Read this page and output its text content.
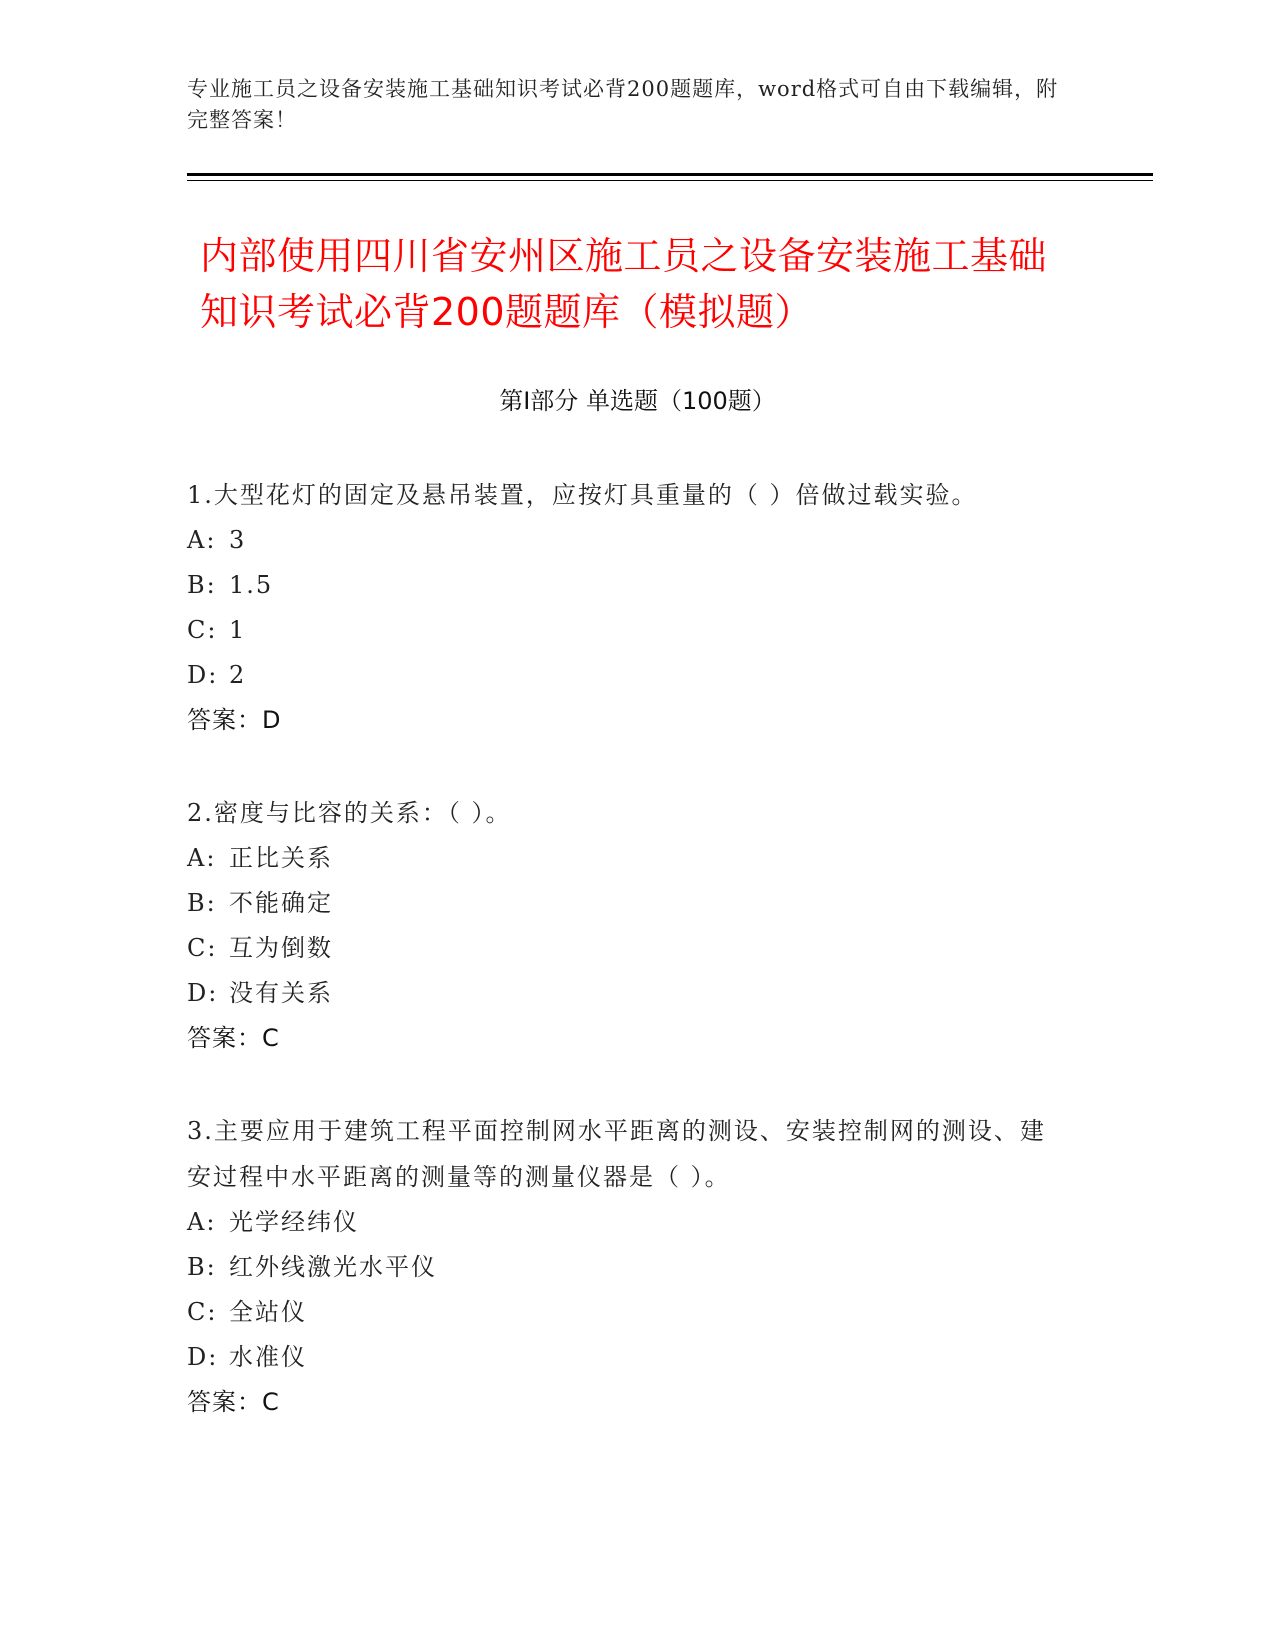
专业施工员之设备安装施工基础知识考试必背200题题库，word格式可自由下载编辑，附完整答案！
内部使用四川省安州区施工员之设备安装施工基础知识考试必背200题题库（模拟题）
第Ⅰ部分 单选题（100题）

1.大型花灯的固定及悬吊装置，应按灯具重量的（ ）倍做过载实验。

A: 3

B: 1.5

C: 1

D: 2

答案：D

2.密度与比容的关系：（ ）。

A: 正比关系

B: 不能确定

C: 互为倒数

D: 没有关系

答案：C

3.主要应用于建筑工程平面控制网水平距离的测设、安装控制网的测设、建安过程中水平距离的测量等的测量仪器是（ ）。

A: 光学经纬仪

B: 红外线激光水平仪

C: 全站仪

D: 水准仪

答案：C
